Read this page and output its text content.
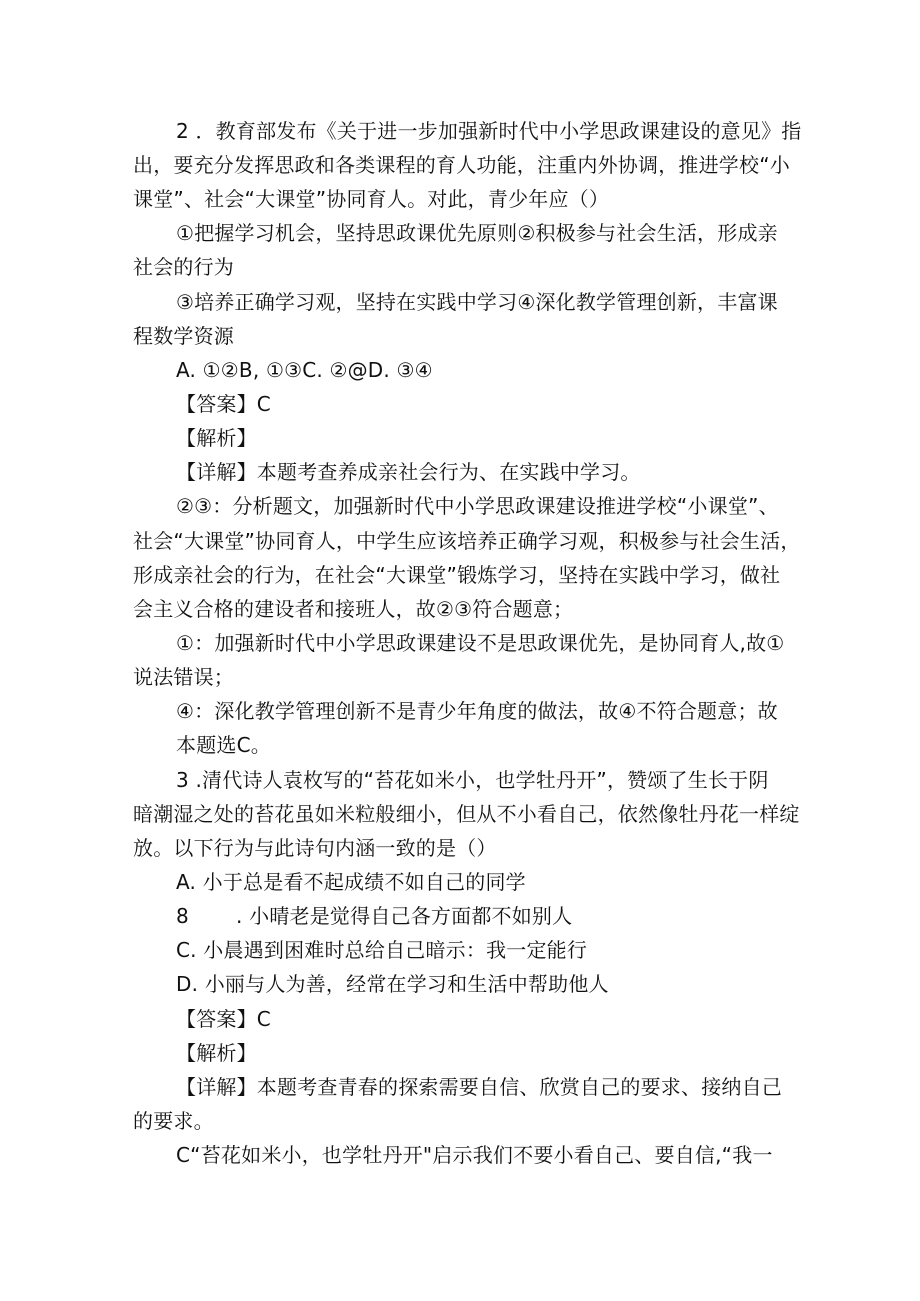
2 ．教育部发布《关于进一步加强新时代中小学思政课建设的意见》指
出，要充分发挥思政和各类课程的育人功能，注重内外协调，推进学校“小
课堂”、社会“大课堂”协同育人。对此，青少年应（）
①把握学习机会，坚持思政课优先原则②积极参与社会生活，形成亲
社会的行为
③培养正确学习观，坚持在实践中学习④深化教学管理创新，丰富课
程数学资源
A. ①②B, ①③C. ②@D. ③④
【答案】C
【解析】
【详解】本题考查养成亲社会行为、在实践中学习。
②③：分析题文，加强新时代中小学思政课建设推进学校“小课堂”、
社会“大课堂”协同育人，中学生应该培养正确学习观，积极参与社会生活，
形成亲社会的行为，在社会“大课堂”锻炼学习，坚持在实践中学习，做社
会主义合格的建设者和接班人，故②③符合题意；
①：加强新时代中小学思政课建设不是思政课优先，是协同育人,故①
说法错误；
④：深化教学管理创新不是青少年角度的做法，故④不符合题意；故
本题选C。
3 .清代诗人袁枚写的“苔花如米小，也学牡丹开”，赞颂了生长于阴
暗潮湿之处的苔花虽如米粒般细小，但从不小看自己，依然像牡丹花一样绽
放。以下行为与此诗句内涵一致的是（）
A. 小于总是看不起成绩不如自己的同学
8 . 小晴老是觉得自己各方面都不如别人
C. 小晨遇到困难时总给自己暗示：我一定能行
D. 小丽与人为善，经常在学习和生活中帮助他人
【答案】C
【解析】
【详解】本题考查青春的探索需要自信、欣赏自己的要求、接纳自己
的要求。
C“苔花如米小，也学牡丹开"启示我们不要小看自己、要自信,“我一
